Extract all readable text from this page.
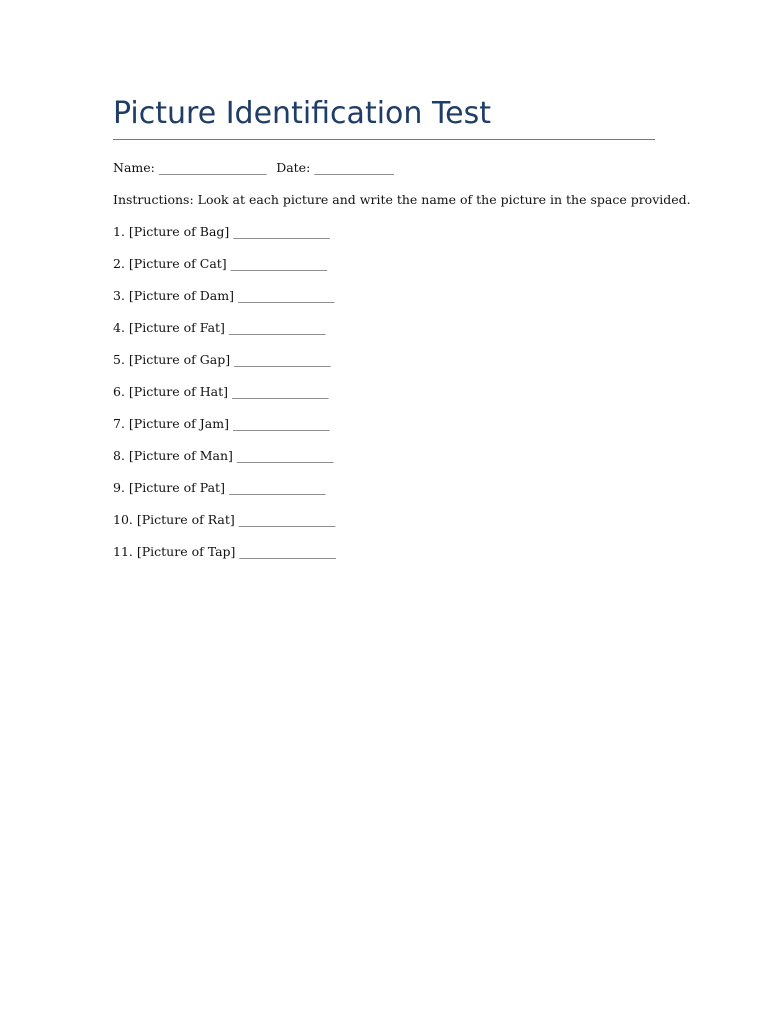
Picture Identification Test

Name: ___________________ Date: ______________

Instructions: Look at each picture and write the name of the picture in the space provided.

1. [Picture of Bag] _________________

2. [Picture of Cat] _________________

3. [Picture of Dam] _________________

4. [Picture of Fat] _________________

5. [Picture of Gap] _________________

6. [Picture of Hat] _________________

7. [Picture of Jam] _________________

8. [Picture of Man] _________________

9. [Picture of Pat] _________________

10. [Picture of Rat] _________________

11. [Picture of Tap] _________________
